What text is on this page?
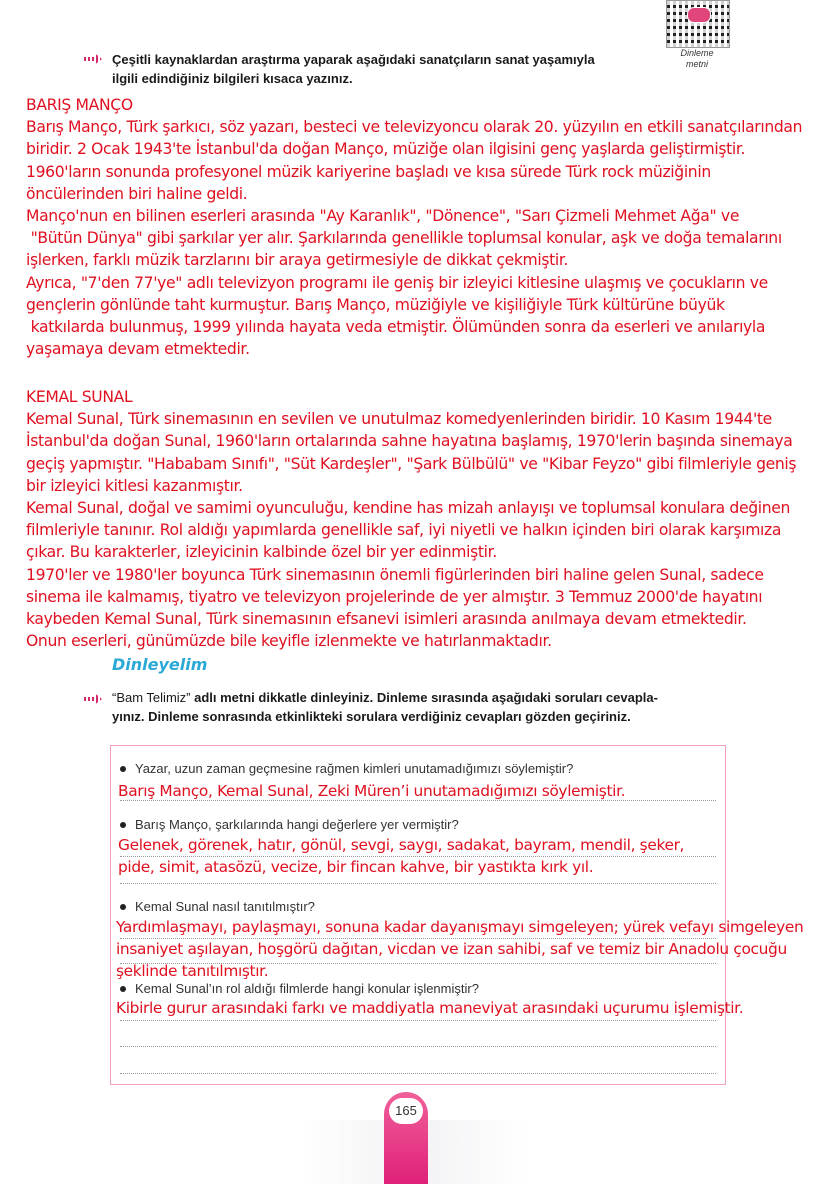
Dinleme
metni
Çeşitli kaynaklardan araştırma yaparak aşağıdaki sanatçıların sanat yaşamıyla
ilgili edindiğiniz bilgileri kısaca yazınız.

BARIŞ MANÇO

Barış Manço, Türk şarkıcı, söz yazarı, besteci ve televizyoncu olarak 20. yüzyılın en etkili sanatçılarından

biridir. 2 Ocak 1943'te İstanbul'da doğan Manço, müziğe olan ilgisini genç yaşlarda geliştirmiştir.

1960'ların sonunda profesyonel müzik kariyerine başladı ve kısa sürede Türk rock müziğinin

öncülerinden biri haline geldi.

Manço'nun en bilinen eserleri arasında "Ay Karanlık", "Dönence", "Sarı Çizmeli Mehmet Ağa" ve

"Bütün Dünya" gibi şarkılar yer alır. Şarkılarında genellikle toplumsal konular, aşk ve doğa temalarını

işlerken, farklı müzik tarzlarını bir araya getirmesiyle de dikkat çekmiştir.

Ayrıca, "7'den 77'ye" adlı televizyon programı ile geniş bir izleyici kitlesine ulaşmış ve çocukların ve

gençlerin gönlünde taht kurmuştur. Barış Manço, müziğiyle ve kişiliğiyle Türk kültürüne büyük

katkılarda bulunmuş, 1999 yılında hayata veda etmiştir. Ölümünden sonra da eserleri ve anılarıyla

yaşamaya devam etmektedir.

KEMAL SUNAL

Kemal Sunal, Türk sinemasının en sevilen ve unutulmaz komedyenlerinden biridir. 10 Kasım 1944'te

İstanbul'da doğan Sunal, 1960'ların ortalarında sahne hayatına başlamış, 1970'lerin başında sinemaya

geçiş yapmıştır. "Hababam Sınıfı", "Süt Kardeşler", "Şark Bülbülü" ve "Kibar Feyzo" gibi filmleriyle geniş

bir izleyici kitlesi kazanmıştır.

Kemal Sunal, doğal ve samimi oyunculuğu, kendine has mizah anlayışı ve toplumsal konulara değinen

filmleriyle tanınır. Rol aldığı yapımlarda genellikle saf, iyi niyetli ve halkın içinden biri olarak karşımıza

çıkar. Bu karakterler, izleyicinin kalbinde özel bir yer edinmiştir.

1970'ler ve 1980'ler boyunca Türk sinemasının önemli figürlerinden biri haline gelen Sunal, sadece

sinema ile kalmamış, tiyatro ve televizyon projelerinde de yer almıştır. 3 Temmuz 2000'de hayatını

kaybeden Kemal Sunal, Türk sinemasının efsanevi isimleri arasında anılmaya devam etmektedir.

Onun eserleri, günümüzde bile keyifle izlenmekte ve hatırlanmaktadır.

Dinleyelim
“Bam Telimiz” adlı metni dikkatle dinleyiniz. Dinleme sırasında aşağıdaki soruları cevapla-
yınız. Dinleme sonrasında etkinlikteki sorulara verdiğiniz cevapları gözden geçiriniz.
Yazar, uzun zaman geçmesine rağmen kimleri unutamadığımızı söylemiştir?
Barış Manço, Kemal Sunal, Zeki Müren’i unutamadığımızı söylemiştir.
Barış Manço, şarkılarında hangi değerlere yer vermiştir?
Gelenek, görenek, hatır, gönül, sevgi, saygı, sadakat, bayram, mendil, şeker,
pide, simit, atasözü, vecize, bir fincan kahve, bir yastıkta kırk yıl.
Kemal Sunal nasıl tanıtılmıştır?
Yardımlaşmayı, paylaşmayı, sonuna kadar dayanışmayı simgeleyen; yürek vefayı simgeleyen
insaniyet aşılayan, hoşgörü dağıtan, vicdan ve izan sahibi, saf ve temiz bir Anadolu çocuğu
şeklinde tanıtılmıştır.
Kemal Sunal’ın rol aldığı filmlerde hangi konular işlenmiştir?
Kibirle gurur arasındaki farkı ve maddiyatla maneviyat arasındaki uçurumu işlemiştir.
165
